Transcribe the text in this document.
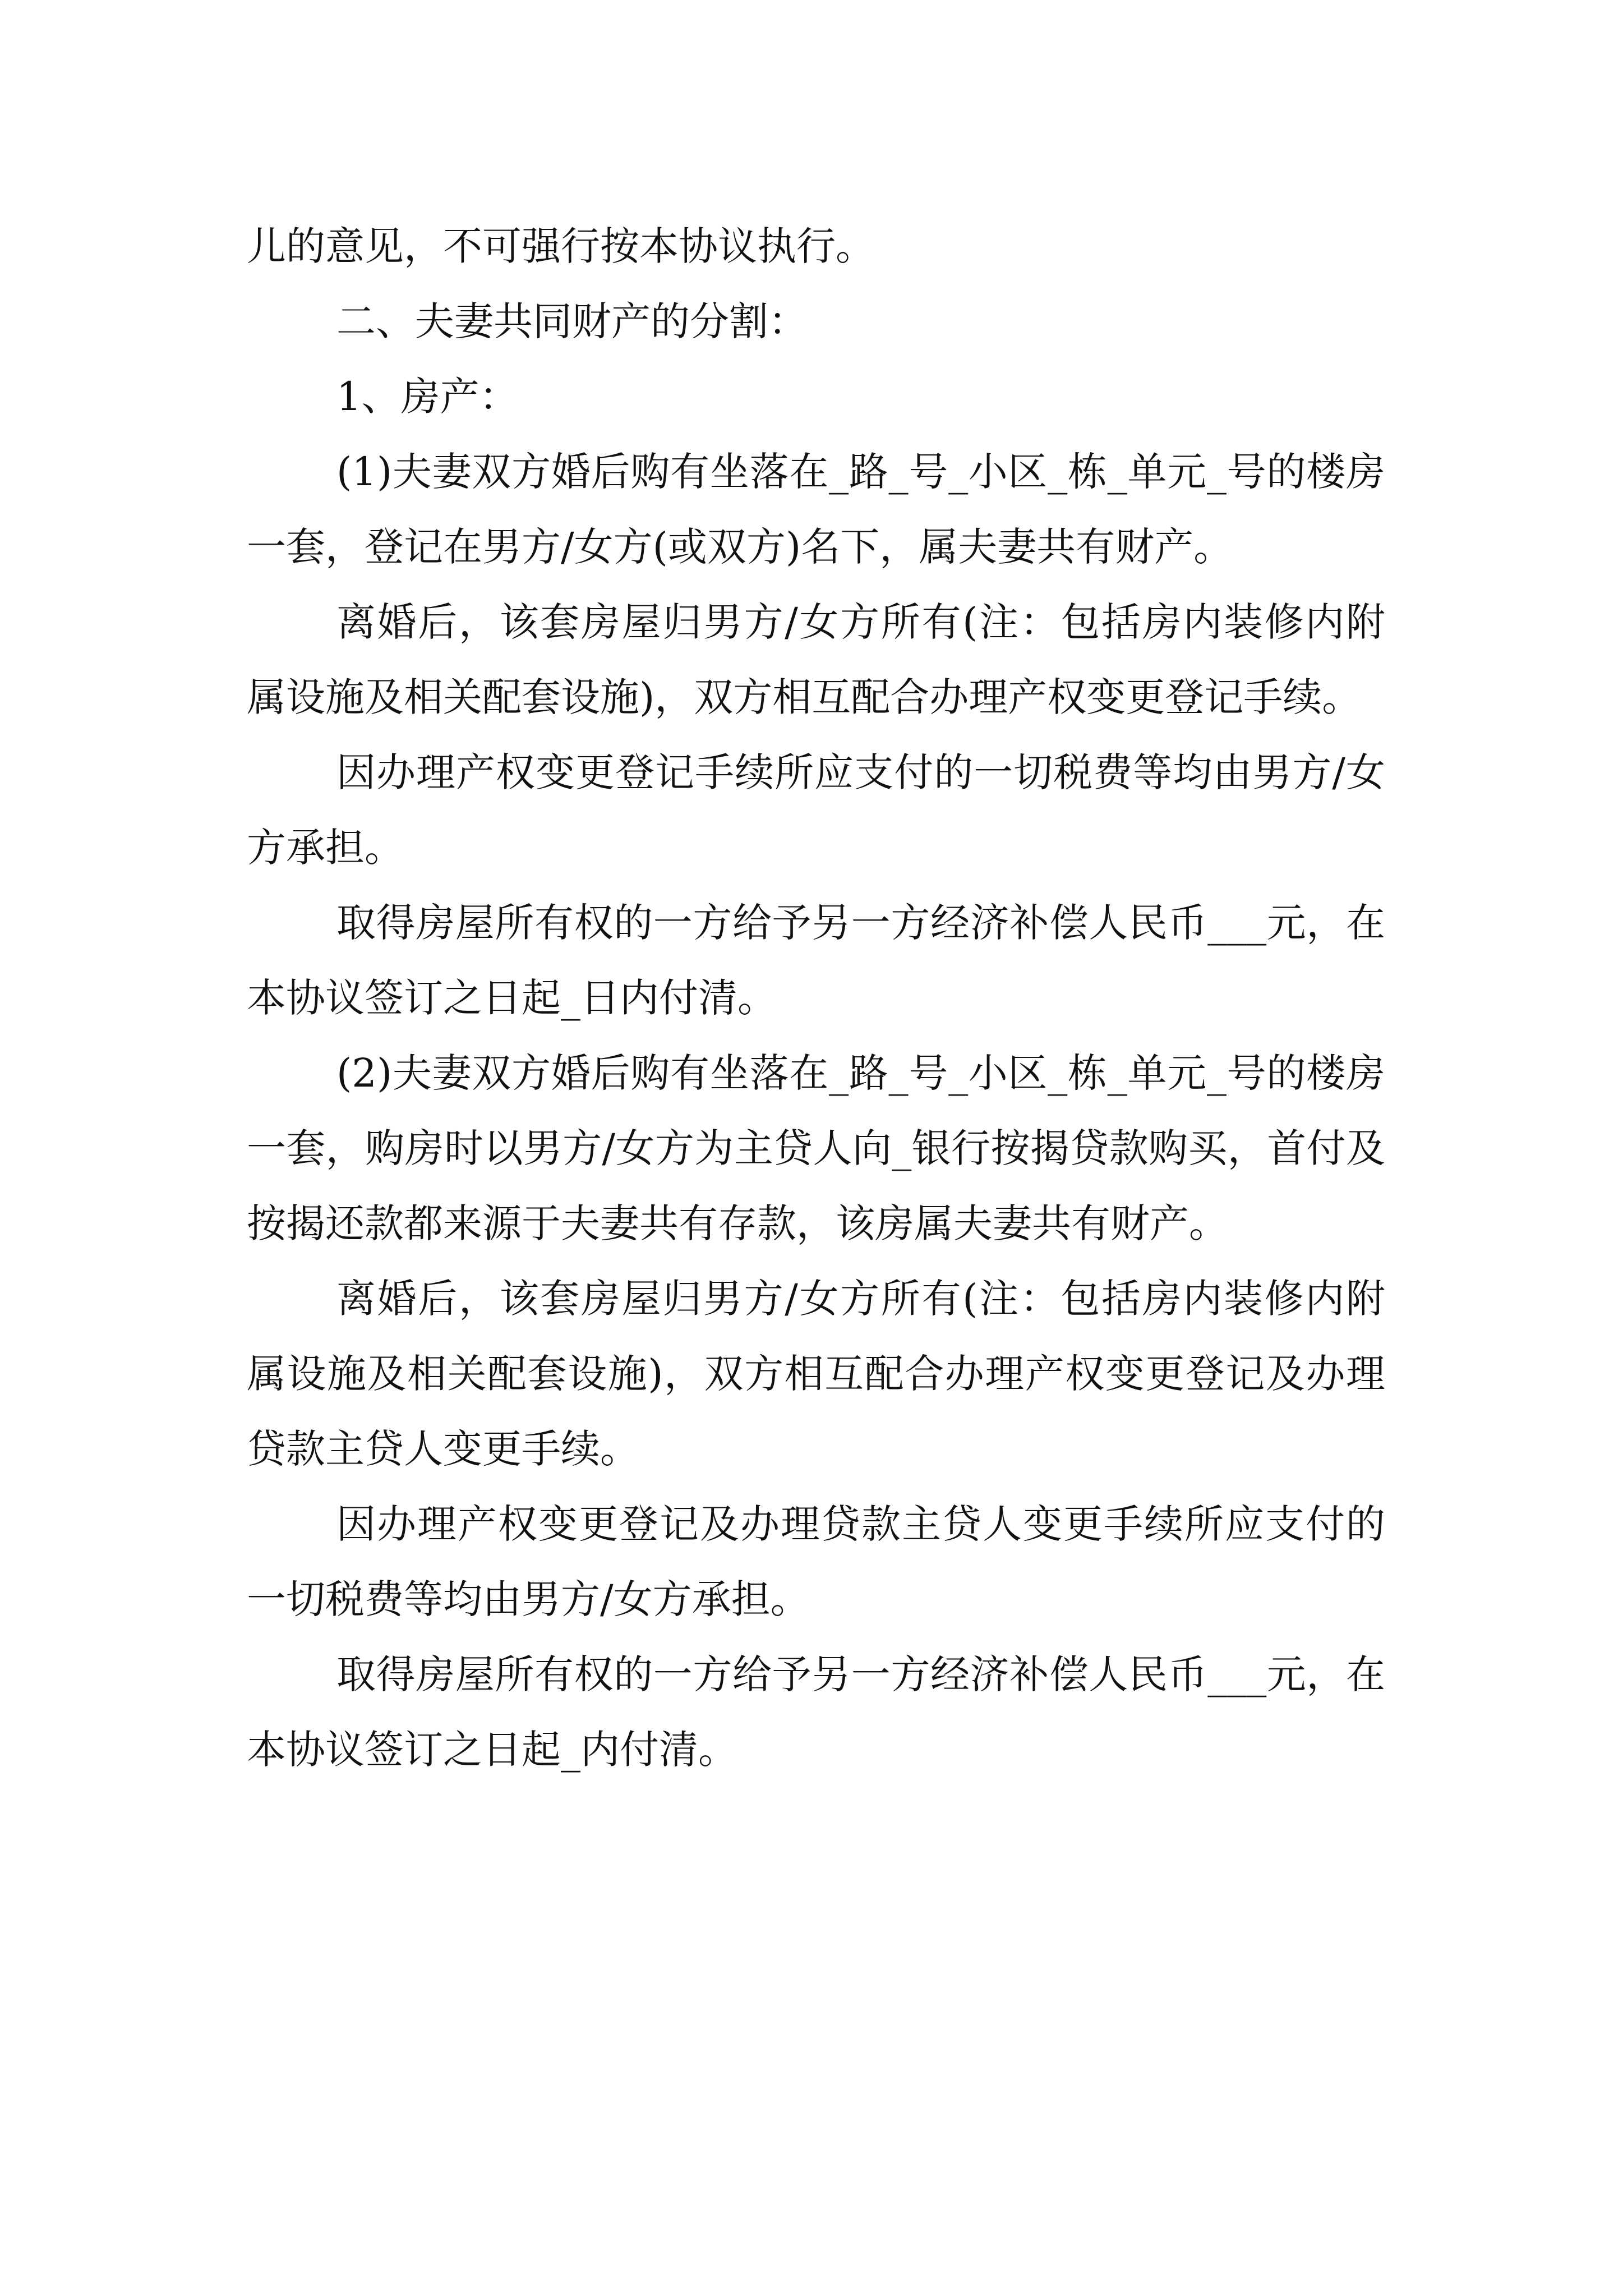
儿的意见，不可强行按本协议执行。

二、夫妻共同财产的分割：

1、房产：

(1)夫妻双方婚后购有坐落在_路_号_小区_栋_单元_号的楼房一套，登记在男方/女方(或双方)名下，属夫妻共有财产。

离婚后，该套房屋归男方/女方所有(注：包括房内装修内附属设施及相关配套设施)，双方相互配合办理产权变更登记手续。

因办理产权变更登记手续所应支付的一切税费等均由男方/女方承担。

取得房屋所有权的一方给予另一方经济补偿人民币___元，在本协议签订之日起_日内付清。

(2)夫妻双方婚后购有坐落在_路_号_小区_栋_单元_号的楼房一套，购房时以男方/女方为主贷人向_银行按揭贷款购买，首付及按揭还款都来源于夫妻共有存款，该房属夫妻共有财产。

离婚后，该套房屋归男方/女方所有(注：包括房内装修内附属设施及相关配套设施)，双方相互配合办理产权变更登记及办理贷款主贷人变更手续。

因办理产权变更登记及办理贷款主贷人变更手续所应支付的一切税费等均由男方/女方承担。

取得房屋所有权的一方给予另一方经济补偿人民币___元，在本协议签订之日起_内付清。
